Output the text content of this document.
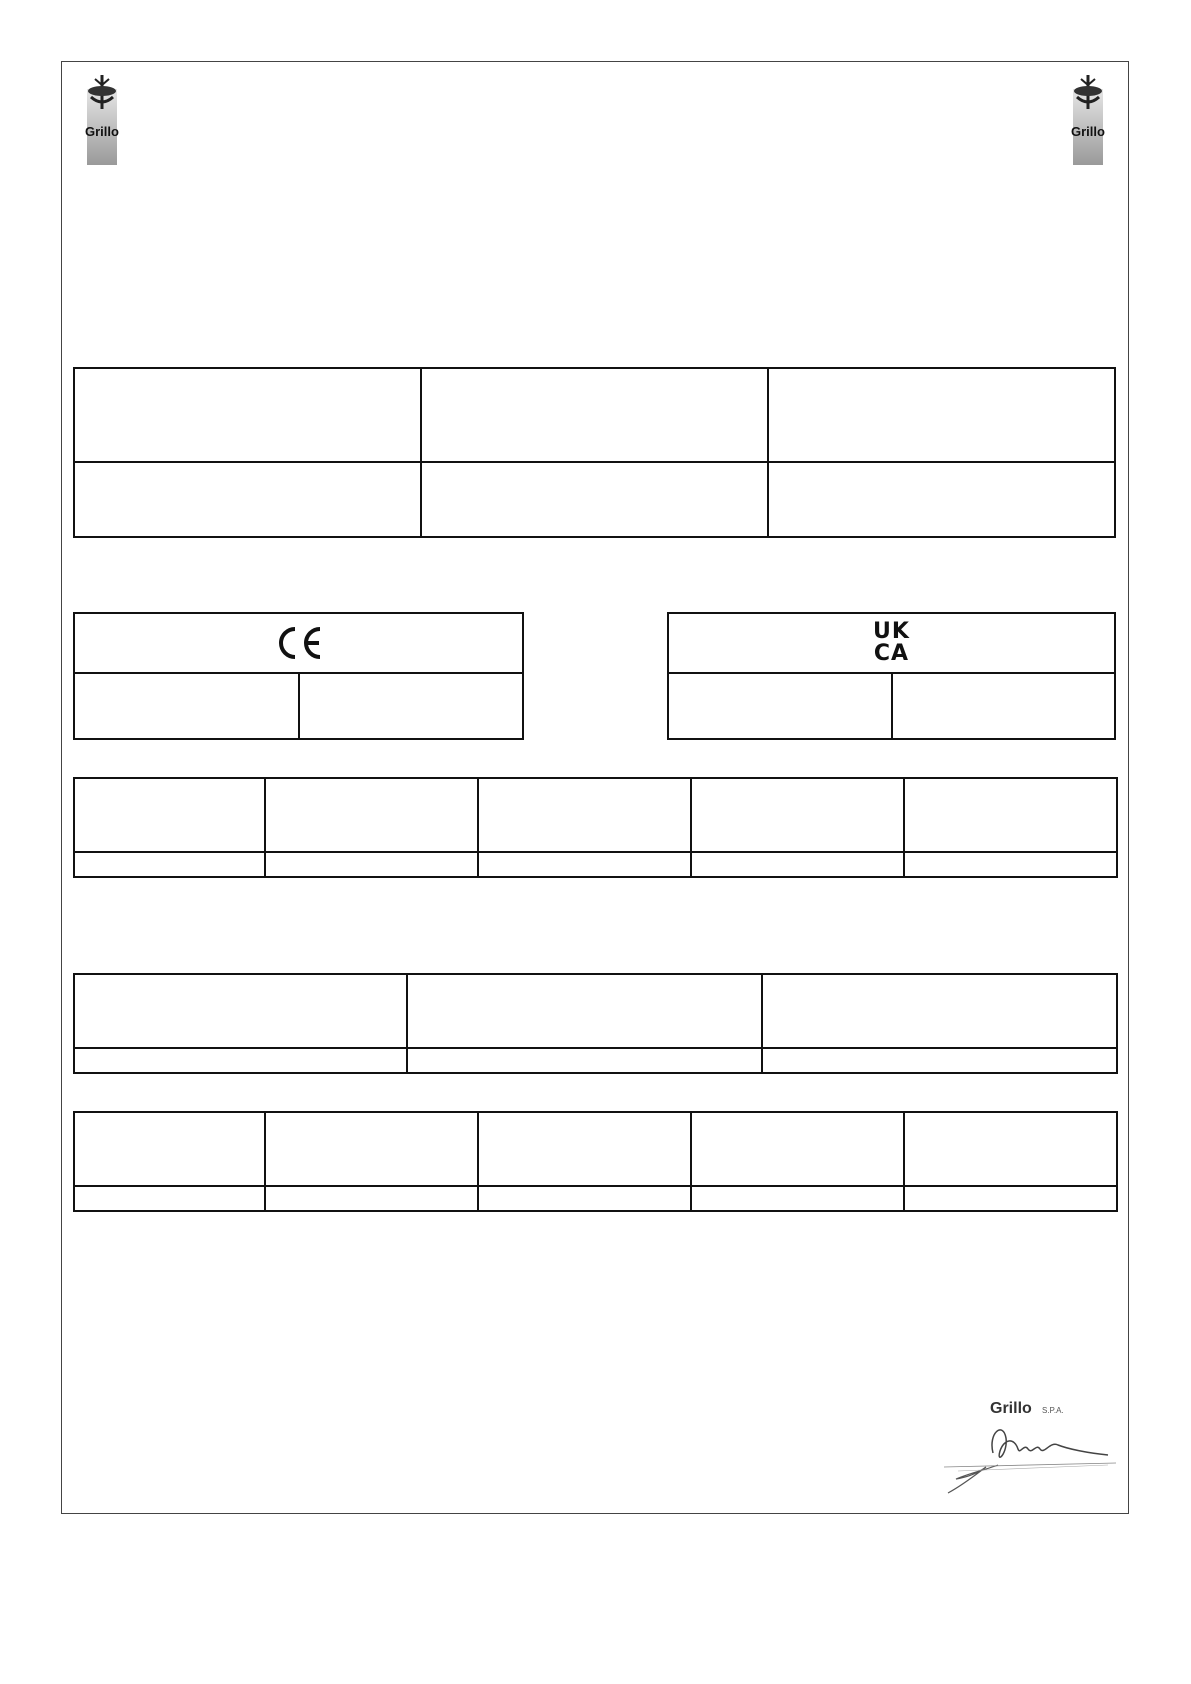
Grillo	Grillo

UK
CA

Grillo S.P.A.
